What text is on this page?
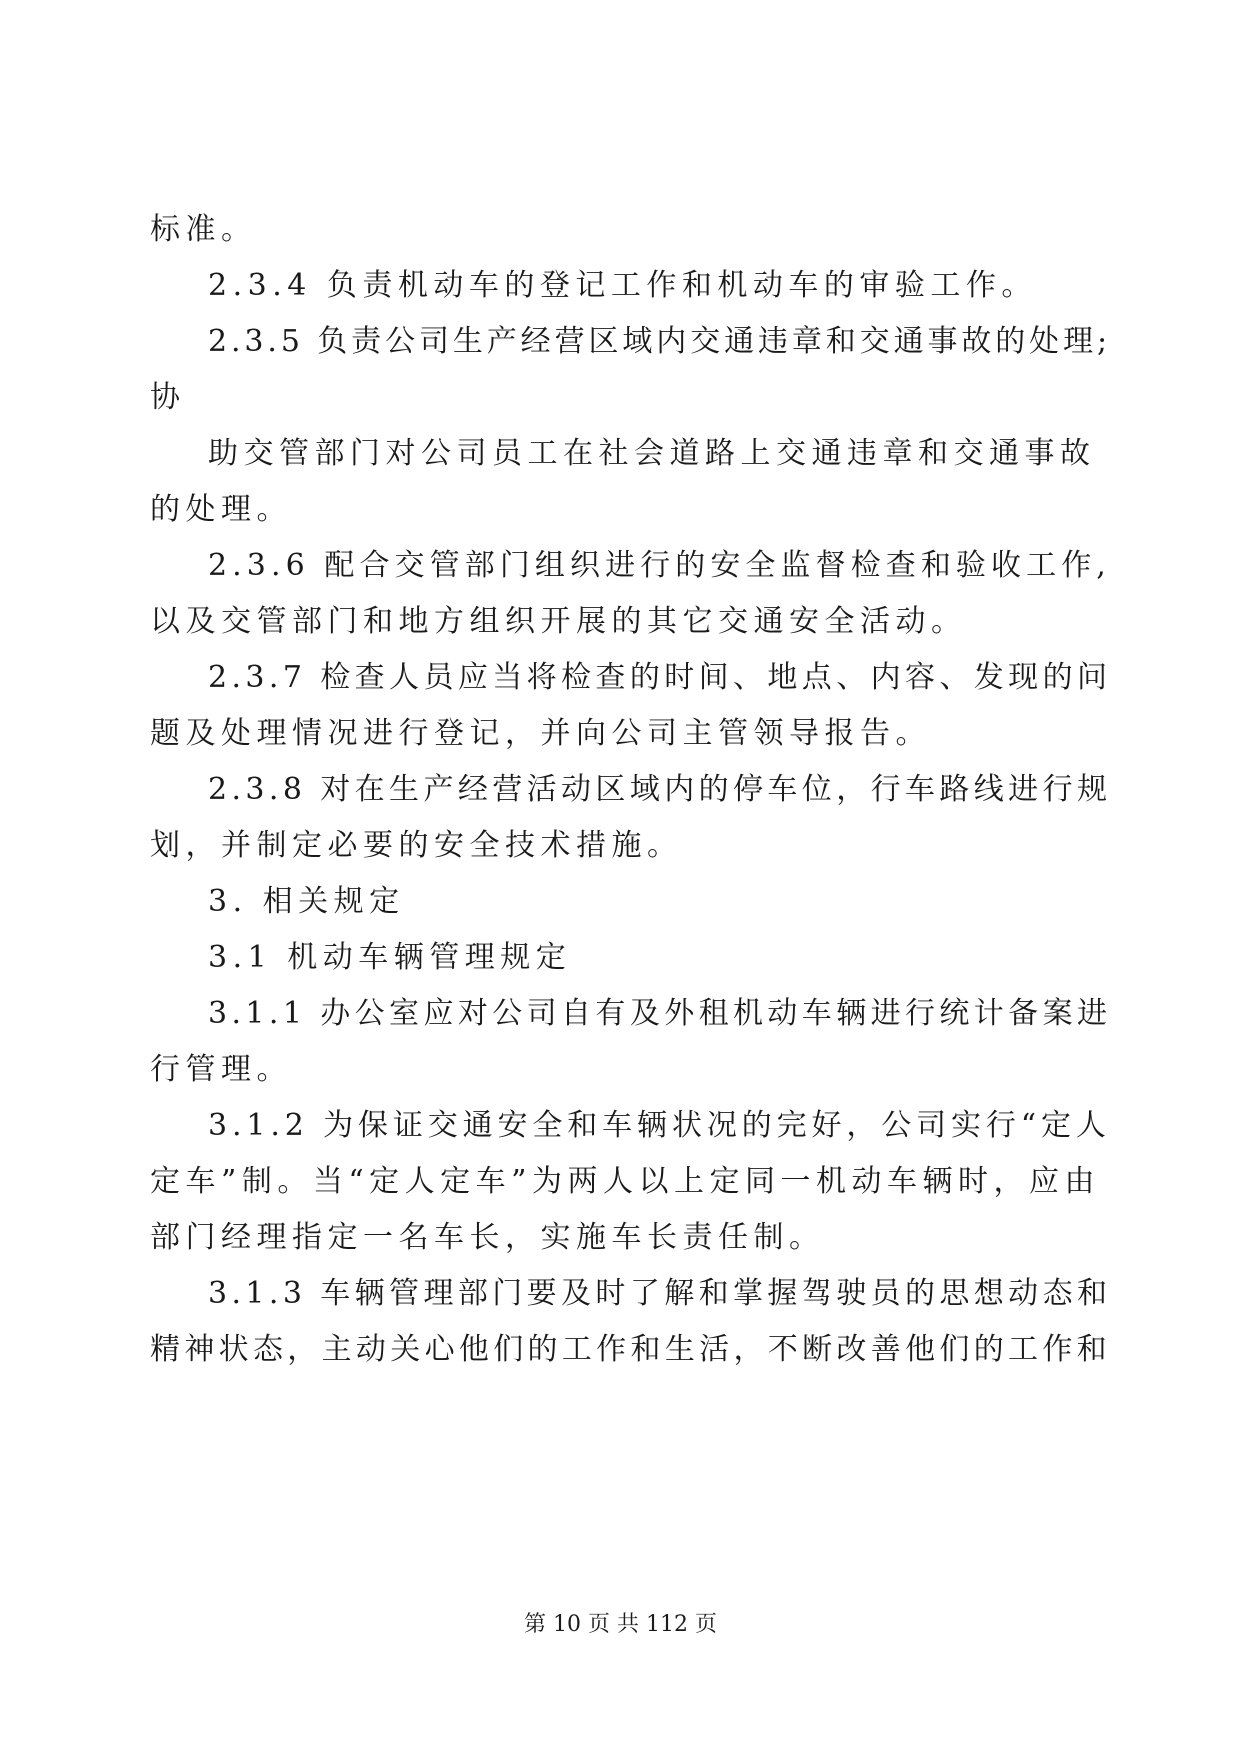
标准。
2.3.4 负责机动车的登记工作和机动车的审验工作。
2.3.5 负责公司生产经营区域内交通违章和交通事故的处理;
协
助交管部门对公司员工在社会道路上交通违章和交通事故
的处理。
2.3.6 配合交管部门组织进行的安全监督检查和验收工作,
以及交管部门和地方组织开展的其它交通安全活动。
2.3.7 检查人员应当将检查的时间、地点、内容、发现的问
题及处理情况进行登记，并向公司主管领导报告。
2.3.8 对在生产经营活动区域内的停车位，行车路线进行规
划，并制定必要的安全技术措施。
3. 相关规定
3.1 机动车辆管理规定
3.1.1 办公室应对公司自有及外租机动车辆进行统计备案进
行管理。
3.1.2 为保证交通安全和车辆状况的完好，公司实行“定人
定车”制。当“定人定车”为两人以上定同一机动车辆时，应由
部门经理指定一名车长，实施车长责任制。
3.1.3 车辆管理部门要及时了解和掌握驾驶员的思想动态和
精神状态，主动关心他们的工作和生活，不断改善他们的工作和
第 10 页 共 112 页
